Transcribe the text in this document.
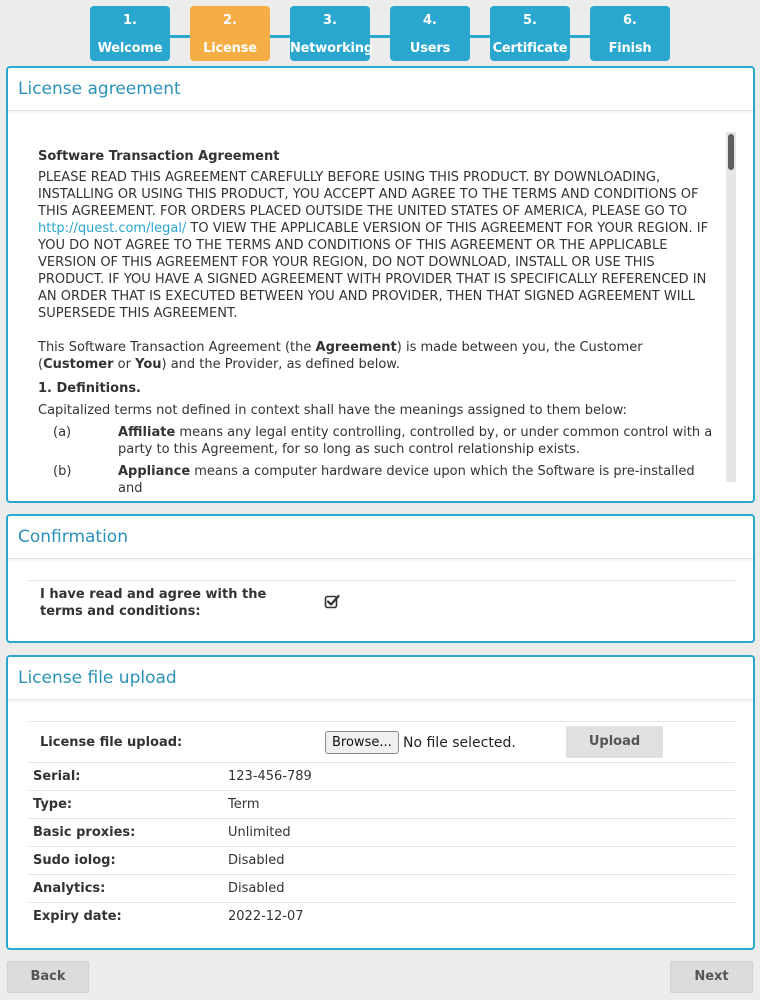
1.
Welcome
2.
License
3.
Networking
4.
Users
5.
Certificate
6.
Finish
License agreement

Software Transaction Agreement

PLEASE READ THIS AGREEMENT CAREFULLY BEFORE USING THIS PRODUCT. BY DOWNLOADING, INSTALLING OR USING THIS PRODUCT, YOU ACCEPT AND AGREE TO THE TERMS AND CONDITIONS OF THIS AGREEMENT. FOR ORDERS PLACED OUTSIDE THE UNITED STATES OF AMERICA, PLEASE GO TO http://quest.com/legal/ TO VIEW THE APPLICABLE VERSION OF THIS AGREEMENT FOR YOUR REGION. IF YOU DO NOT AGREE TO THE TERMS AND CONDITIONS OF THIS AGREEMENT OR THE APPLICABLE VERSION OF THIS AGREEMENT FOR YOUR REGION, DO NOT DOWNLOAD, INSTALL OR USE THIS PRODUCT. IF YOU HAVE A SIGNED AGREEMENT WITH PROVIDER THAT IS SPECIFICALLY REFERENCED IN AN ORDER THAT IS EXECUTED BETWEEN YOU AND PROVIDER, THEN THAT SIGNED AGREEMENT WILL SUPERSEDE THIS AGREEMENT.

This Software Transaction Agreement (the Agreement) is made between you, the Customer (Customer or You) and the Provider, as defined below.

1. Definitions.

Capitalized terms not defined in context shall have the meanings assigned to them below:

(a)	Affiliate means any legal entity controlling, controlled by, or under common control with a party to this Agreement, for so long as such control relationship exists.

(b)	Appliance means a computer hardware device upon which the Software is pre-installed and

Confirmation
I have read and agree with the terms and conditions:
License file upload
License file upload:	Browse... No file selected.	Upload
Serial:	123-456-789
Type:	Term
Basic proxies:	Unlimited
Sudo iolog:	Disabled
Analytics:	Disabled
Expiry date:	2022-12-07
Back	Next
